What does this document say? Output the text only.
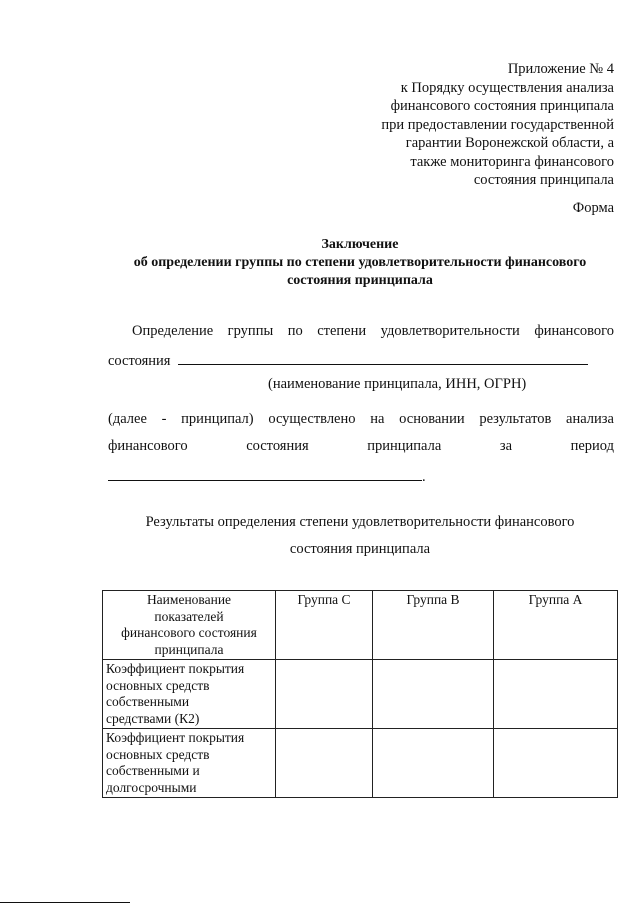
Приложение № 4
к Порядку осуществления анализа
финансового состояния принципала
при предоставлении государственной
гарантии Воронежской области, а
также мониторинга финансового
состояния принципала
Форма
Заключение
об определении группы по степени удовлетворительности финансового
состояния принципала
Определение группы по степени удовлетворительности финансового
состояния
(наименование принципала, ИНН, ОГРН)
(далее - принципал) осуществлено на основании результатов анализа
финансового	состояния	принципала	за	период
.
Результаты определения степени удовлетворительности финансового
состояния принципала
Наименование
показателей
финансового состояния
принципала	Группа С	Группа В	Группа А

Коэффициент покрытия
основных средств
собственными
средствами (К2)			

Коэффициент покрытия
основных средств
собственными и
долгосрочными			
